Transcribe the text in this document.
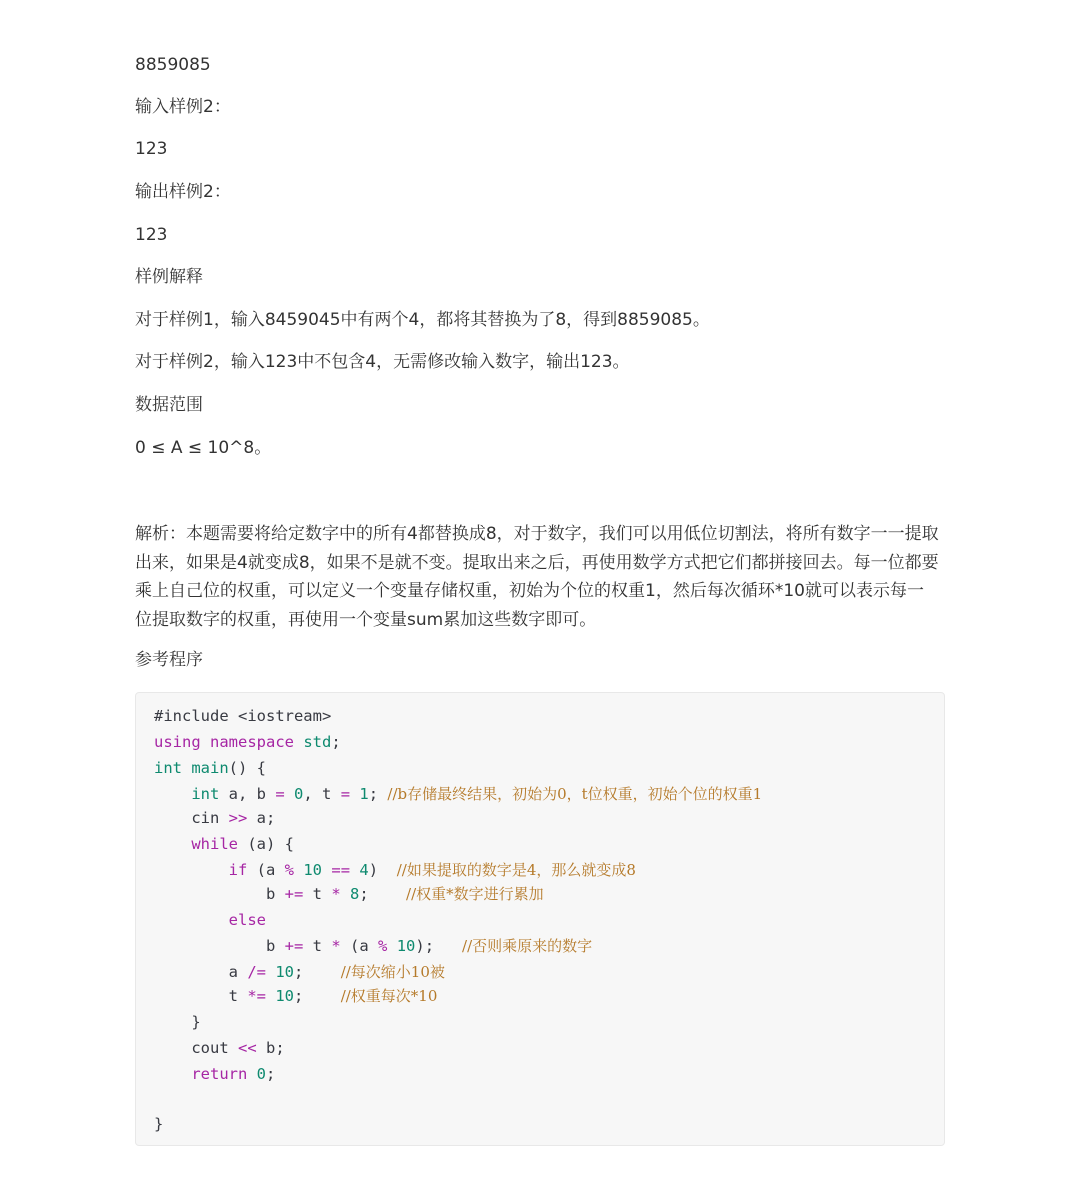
8859085
输入样例2：
123
输出样例2：
123
样例解释
对于样例1，输入8459045中有两个4，都将其替换为了8，得到8859085。
对于样例2，输入123中不包含4，无需修改输入数字，输出123。
数据范围
0 ≤ A ≤ 10^8。
解析：本题需要将给定数字中的所有4都替换成8，对于数字，我们可以用低位切割法，将所有数字一一提取出来，如果是4就变成8，如果不是就不变。提取出来之后，再使用数学方式把它们都拼接回去。每一位都要乘上自己位的权重，可以定义一个变量存储权重，初始为个位的权重1，然后每次循环*10就可以表示每一位提取数字的权重，再使用一个变量sum累加这些数字即可。
参考程序
#include <iostream>
using namespace std;
int main() {
int a, b = 0, t = 1; //b存储最终结果，初始为0，t位权重，初始个位的权重1
cin >> a;
while (a) {
if (a % 10 == 4)  //如果提取的数字是4，那么就变成8
b += t * 8;    //权重*数字进行累加
else
b += t * (a % 10);   //否则乘原来的数字
a /= 10;    //每次缩小10被
t *= 10;    //权重每次*10
}
cout << b;
return 0;
}
